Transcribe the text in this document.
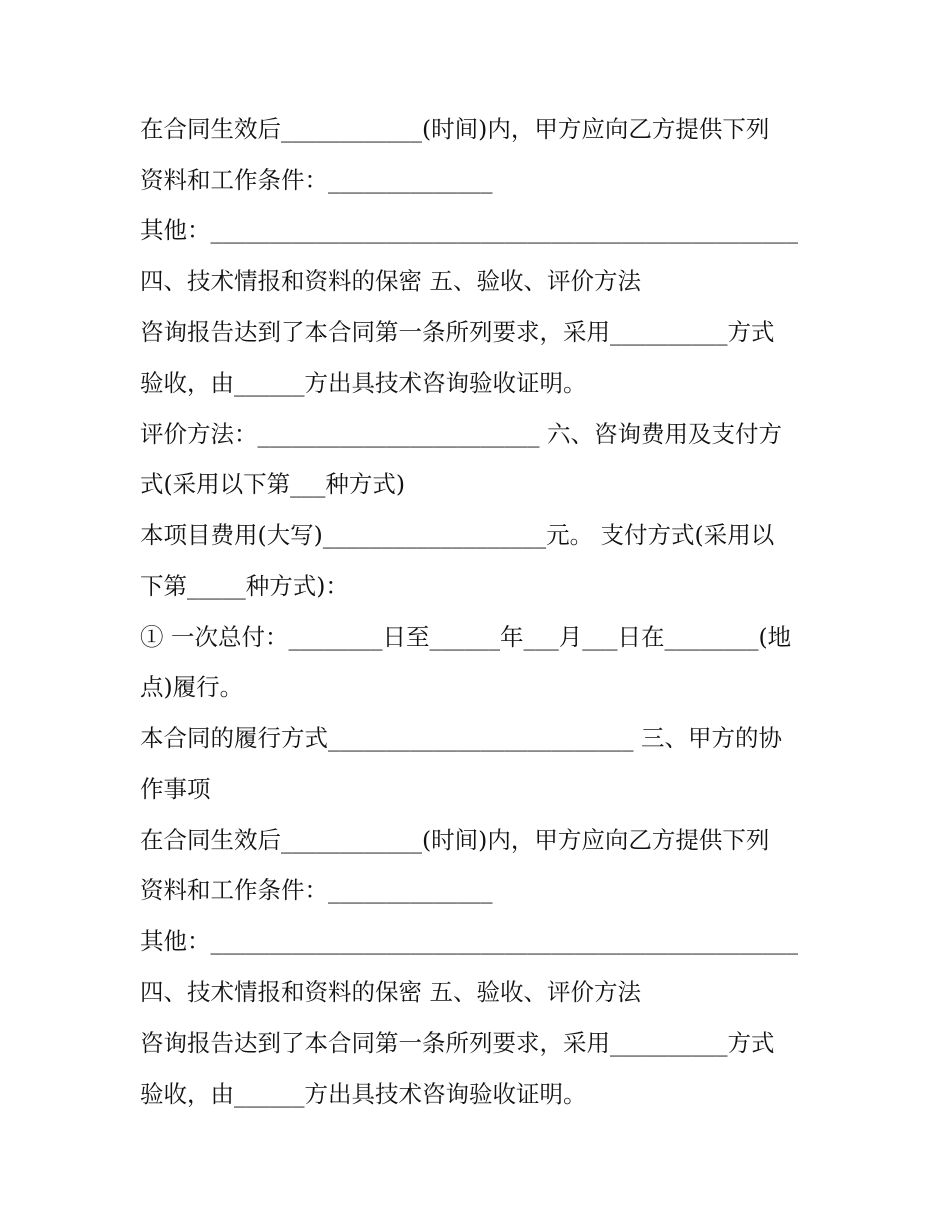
在合同生效后____________(时间)内，甲方应向乙方提供下列
资料和工作条件：______________
其他：__________________________________________________
四、技术情报和资料的保密 五、验收、评价方法
咨询报告达到了本合同第一条所列要求，采用__________方式
验收，由______方出具技术咨询验收证明。
评价方法：________________________ 六、咨询费用及支付方
式(采用以下第___种方式)
本项目费用(大写)___________________元。 支付方式(采用以
下第_____种方式)：
① 一次总付：________日至______年___月___日在________(地
点)履行。
本合同的履行方式__________________________ 三、甲方的协
作事项
在合同生效后____________(时间)内，甲方应向乙方提供下列
资料和工作条件：______________
其他：__________________________________________________
四、技术情报和资料的保密 五、验收、评价方法
咨询报告达到了本合同第一条所列要求，采用__________方式
验收，由______方出具技术咨询验收证明。
